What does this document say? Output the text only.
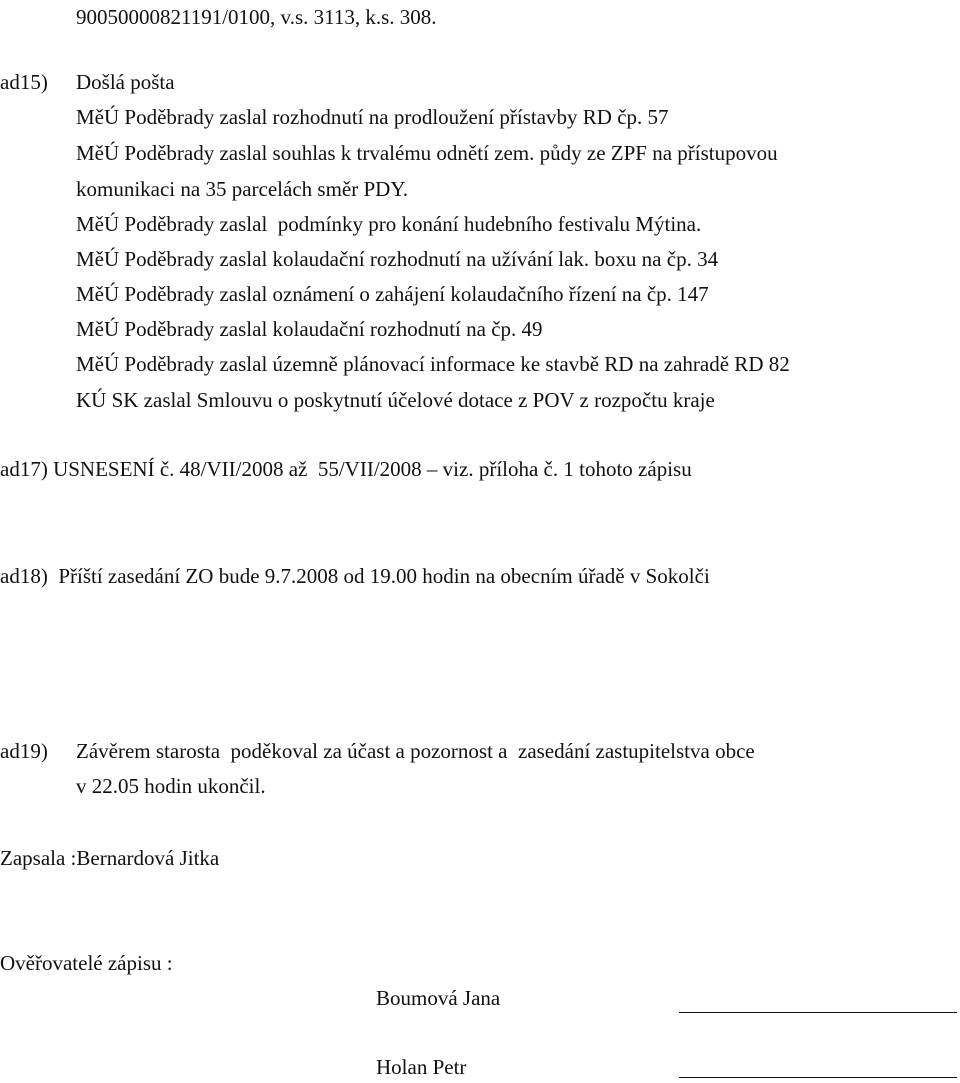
90050000821191/0100, v.s. 3113, k.s. 308.
ad15) Došlá pošta
MěÚ Poděbrady zaslal rozhodnutí na prodloužení přístavby RD čp. 57
MěÚ Poděbrady zaslal souhlas k trvalému odnětí zem. půdy ze ZPF na přístupovou
komunikaci na 35 parcelách směr PDY.
MěÚ Poděbrady zaslal  podmínky pro konání hudebního festivalu Mýtina.
MěÚ Poděbrady zaslal kolaudační rozhodnutí na užívání lak. boxu na čp. 34
MěÚ Poděbrady zaslal oznámení o zahájení kolaudačního řízení na čp. 147
MěÚ Poděbrady zaslal kolaudační rozhodnutí na čp. 49
MěÚ Poděbrady zaslal územně plánovací informace ke stavbě RD na zahradě RD 82
KÚ SK zaslal Smlouvu o poskytnutí účelové dotace z POV z rozpočtu kraje
ad17) USNESENÍ č. 48/VII/2008 až  55/VII/2008 – viz. příloha č. 1 tohoto zápisu
ad18)  Příští zasedání ZO bude 9.7.2008 od 19.00 hodin na obecním úřadě v Sokolči
ad19) Závěrem starosta  poděkoval za účast a pozornost a  zasedání zastupitelstva obce
v 22.05 hodin ukončil.
Zapsala :Bernardová Jitka
Ověřovatelé zápisu :
Boumová Jana
Holan Petr
